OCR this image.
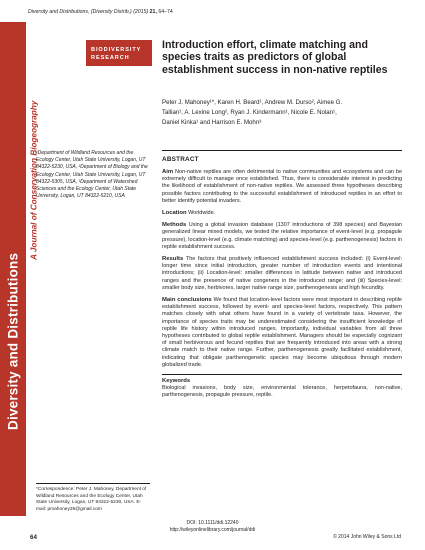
Diversity and Distributions, (Diversity Distrib.) (2015) 21, 64–74
Diversity and Distributions
A Journal of Conservation Biogeography
BIODIVERSITY
RESEARCH
Introduction effort, climate matching and species traits as predictors of global establishment success in non-native reptiles
Peter J. Mahoney¹*, Karen H. Beard¹, Andrew M. Durso², Aimee G.
Tallian¹, A. Lexine Long², Ryan J. Kindermann¹, Nicole E. Nolan¹,
Daniel Kinka¹ and Harrison E. Mohn³
¹Department of Wildland Resources and the Ecology Center, Utah State University, Logan, UT 84322-5230, USA, ²Department of Biology and the Ecology Center, Utah State University, Logan, UT 84322-5305, USA, ³Department of Watershed Sciences and the Ecology Center, Utah State University, Logan, UT 84322-5210, USA
*Correspondence: Peter J. Mahoney, Department of Wildland Resources and the Ecology Center, Utah State University, Logan, UT 84322-5230, USA. E-mail: pmahoney29@gmail.com
ABSTRACT

Aim Non-native reptiles are often detrimental to native communities and ecosystems and can be extremely difficult to manage once established. Thus, there is considerable interest in predicting the likelihood of establishment of non-native reptiles. We assessed three hypotheses describing possible factors contributing to the successful establishment of introduced reptiles in an effort to better identify potential invaders.

Location Worldwide.

Methods Using a global invasion database (1307 introductions of 398 species) and Bayesian generalized linear mixed models, we tested the relative importance of event-level (e.g. propagule pressure), location-level (e.g. climate matching) and species-level (e.g. parthenogenesis) factors in reptile establishment success.

Results The factors that positively influenced establishment success included: (i) Event-level: longer time since initial introduction, greater number of introduction events and intentional introductions; (ii) Location-level: smaller differences in latitude between native and introduced ranges and the presence of native congeners in the introduced range; and (iii) Species-level: smaller body size, herbivores, larger native range size, parthenogenesis and high fecundity.

Main conclusions We found that location-level factors were most important in describing reptile establishment success, followed by event- and species-level factors, respectively. This pattern matches closely with what others have found in a variety of vertebrate taxa. However, the importance of species traits may be underestimated considering the insufficient knowledge of reptile life history within introduced ranges. Importantly, individual variables from all three hypotheses contributed to global reptile establishment. Managers should be especially cognizant of small herbivorous and fecund reptiles that are frequently introduced into areas with a strong climate match to their native range. Further, parthenogenesis greatly facilitated establishment, indicating that obligate parthenogenetic species may become ubiquitous through modern globalized trade.

Keywords
Biological invasions, body size, environmental tolerance, herpetofauna, non-native, parthenogenesis, propagule pressure, reptile.

DOI: 10.1111/ddi.12240
http://wileyonlinelibrary.com/journal/ddi
64	© 2014 John Wiley & Sons Ltd
